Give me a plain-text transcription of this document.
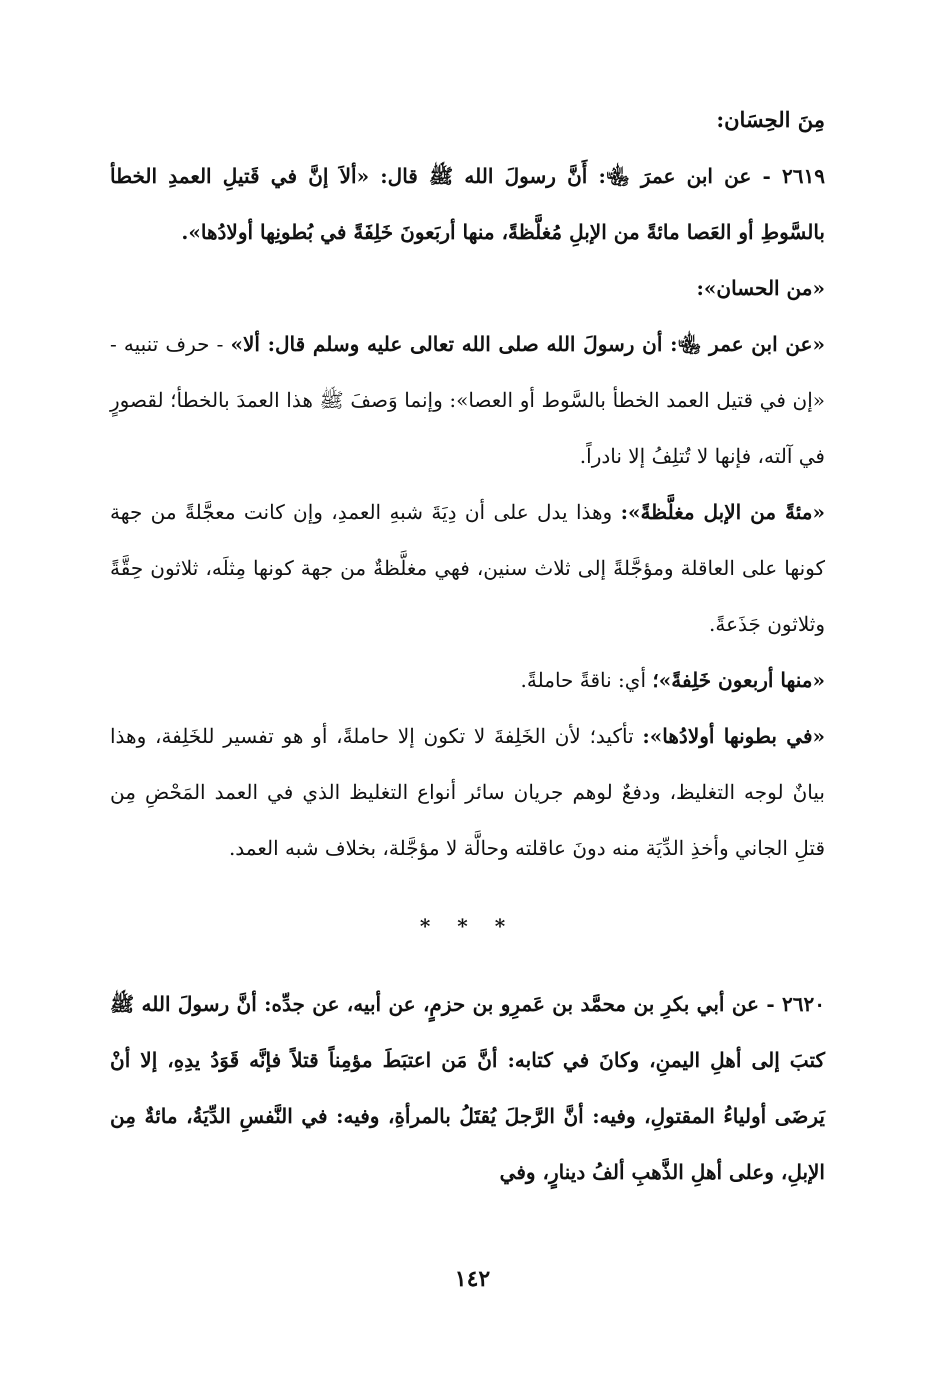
مِنَ الحِسَان:

٢٦١٩ - عن ابن عمرَ ﵄: أَنَّ رسولَ الله ﷺ قال: «ألاَ إنَّ في قَتيلِ العمدِ الخطأ بالسَّوطِ أو العَصا مائةً من الإبلِ مُغلَّظةً، منها أربَعونَ خَلِفَةً في بُطونِها أولادُها».

«من الحسان»:

«عن ابن عمر ﵄: أن رسولَ الله صلى الله تعالى عليه وسلم قال: ألا» - حرف تنبيه - «إن في قتيل العمد الخطأ بالسَّوط أو العصا»: وإنما وَصفَ ﷺ هذا العمدَ بالخطأ؛ لقصورٍ في آلته، فإنها لا تُتلِفُ إلا نادراً.

«مئةً من الإبل مغلَّظةً»: وهذا يدل على أن دِيَةَ شبهِ العمدِ، وإن كانت معجَّلةً من جهة كونها على العاقلة ومؤجَّلةً إلى ثلاث سنين، فهي مغلَّظةٌ من جهة كونها مِثلَه، ثلاثون حِقَّةً وثلاثون جَذَعةً.

«منها أربعون خَلِفةً»؛ أي: ناقةً حاملةً.

«في بطونها أولادُها»: تأكيد؛ لأن الخَلِفةَ لا تكون إلا حاملةً، أو هو تفسير للخَلِفة، وهذا بيانٌ لوجه التغليظ، ودفعٌ لوهم جريان سائر أنواع التغليظ الذي في العمد المَحْضِ مِن قتلِ الجاني وأخذِ الدِّيَة منه دونَ عاقلته وحالَّة لا مؤجَّلة، بخلاف شبه العمد.

* * *

٢٦٢٠ - عن أبي بكرِ بن محمَّد بن عَمرِو بن حزمٍ، عن أبيه، عن جدِّه: أنَّ رسولَ الله ﷺ كتبَ إلى أهلِ اليمنِ، وكانَ في كتابه: أنَّ مَن اعتبَطَ مؤمِناً قتلاً فإنَّه قَوَدُ يدِهِ، إلا أنْ يَرضَى أولياءُ المقتولِ، وفيه: أنَّ الرَّجلَ يُقتَلُ بالمرأةِ، وفيه: في النَّفسِ الدِّيَةُ، مائةٌ مِن الإبلِ، وعلى أهلِ الذَّهبِ ألفُ دينارٍ، وفي

١٤٢
